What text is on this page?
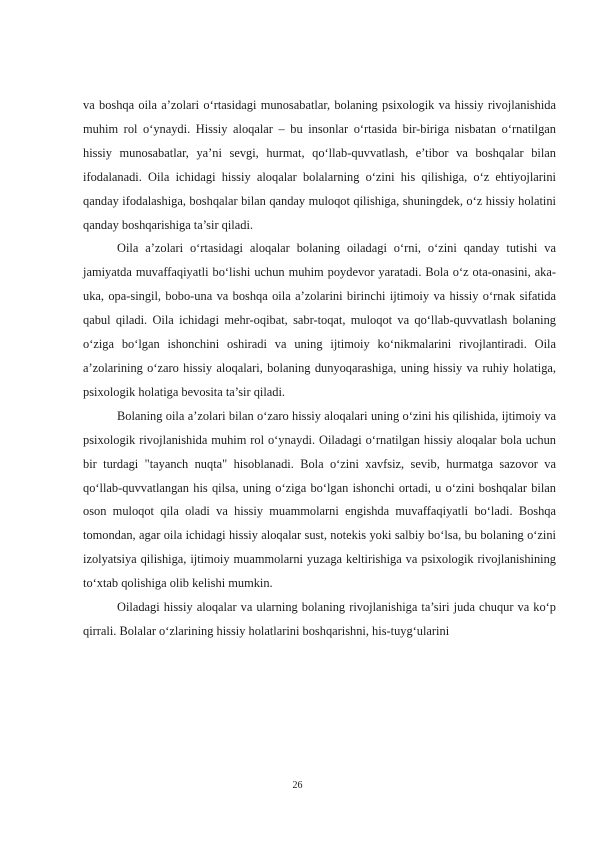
va boshqa oila a’zolari o‘rtasidagi munosabatlar, bolaning psixologik va hissiy rivojlanishida muhim rol o‘ynaydi. Hissiy aloqalar – bu insonlar o‘rtasida bir-biriga nisbatan o‘rnatilgan hissiy munosabatlar, ya’ni sevgi, hurmat, qo‘llab-quvvatlash, e’tibor va boshqalar bilan ifodalanadi. Oila ichidagi hissiy aloqalar bolalarning o‘zini his qilishiga, o‘z ehtiyojlarini qanday ifodalashiga, boshqalar bilan qanday muloqot qilishiga, shuningdek, o‘z hissiy holatini qanday boshqarishiga ta’sir qiladi.

Oila a’zolari o‘rtasidagi aloqalar bolaning oiladagi o‘rni, o‘zini qanday tutishi va jamiyatda muvaffaqiyatli bo‘lishi uchun muhim poydevor yaratadi. Bola o‘z ota-onasini, aka-uka, opa-singil, bobo-una va boshqa oila a’zolarini birinchi ijtimoiy va hissiy o‘rnak sifatida qabul qiladi. Oila ichidagi mehr-oqibat, sabr-toqat, muloqot va qo‘llab-quvvatlash bolaning o‘ziga bo‘lgan ishonchini oshiradi va uning ijtimoiy ko‘nikmalarini rivojlantiradi. Oila a’zolarining o‘zaro hissiy aloqalari, bolaning dunyoqarashiga, uning hissiy va ruhiy holatiga, psixologik holatiga bevosita ta’sir qiladi.

Bolaning oila a’zolari bilan o‘zaro hissiy aloqalari uning o‘zini his qilishida, ijtimoiy va psixologik rivojlanishida muhim rol o‘ynaydi. Oiladagi o‘rnatilgan hissiy aloqalar bola uchun bir turdagi "tayanch nuqta" hisoblanadi. Bola o‘zini xavfsiz, sevib, hurmatga sazovor va qo‘llab-quvvatlangan his qilsa, uning o‘ziga bo‘lgan ishonchi ortadi, u o‘zini boshqalar bilan oson muloqot qila oladi va hissiy muammolarni engishda muvaffaqiyatli bo‘ladi. Boshqa tomondan, agar oila ichidagi hissiy aloqalar sust, notekis yoki salbiy bo‘lsa, bu bolaning o‘zini izolyatsiya qilishiga, ijtimoiy muammolarni yuzaga keltirishiga va psixologik rivojlanishining to‘xtab qolishiga olib kelishi mumkin.

Oiladagi hissiy aloqalar va ularning bolaning rivojlanishiga ta’siri juda chuqur va ko‘p qirrali. Bolalar o‘zlarining hissiy holatlarini boshqarishni, his-tuyg‘ularini

26
